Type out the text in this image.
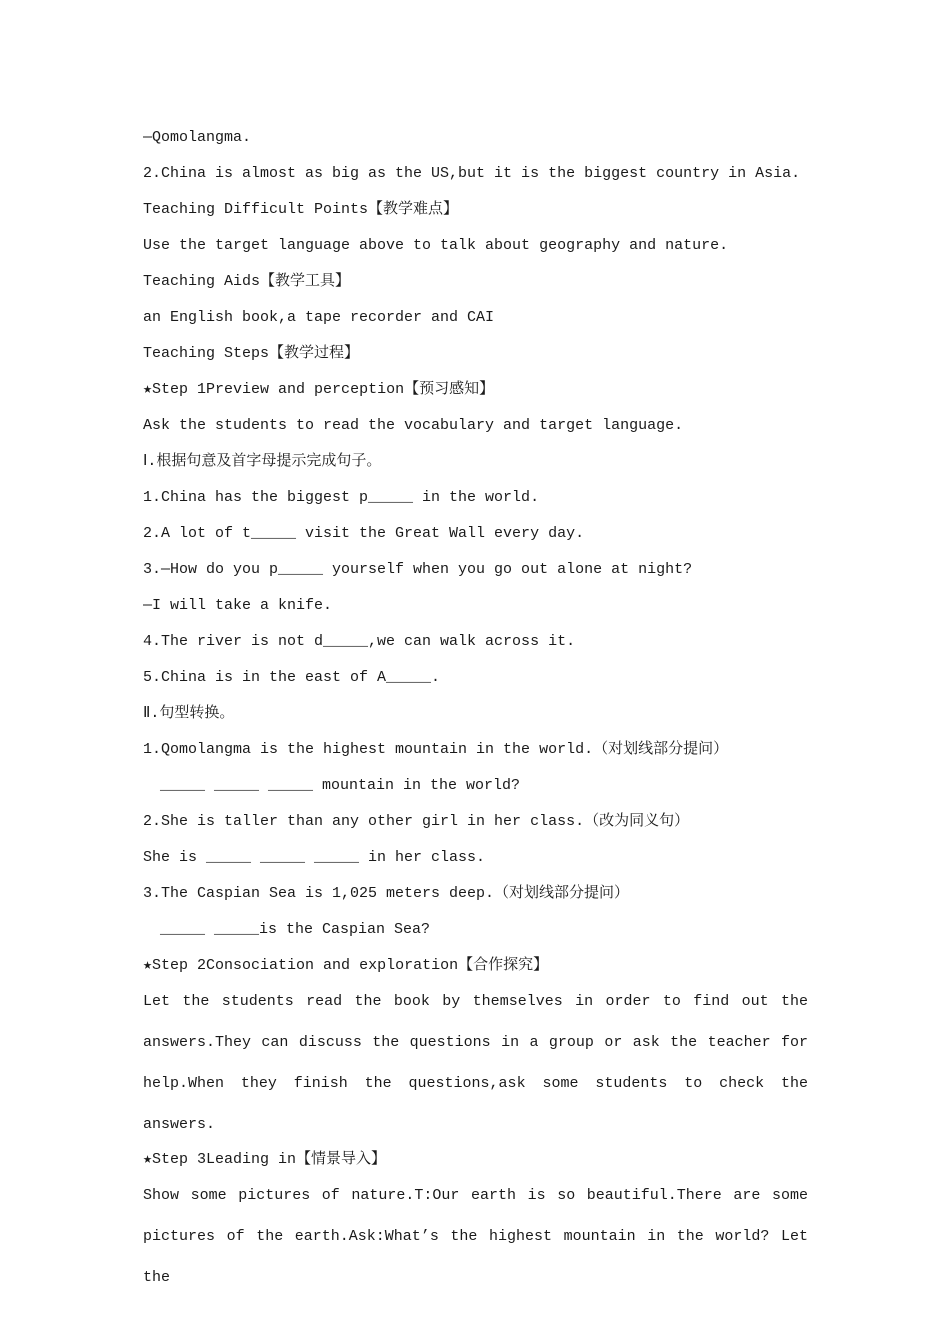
—Qomolangma.
2.China is almost as big as the US,but it is the biggest country in Asia.
Teaching Difficult Points【教学难点】
Use the target language above to talk about geography and nature.
Teaching Aids【教学工具】
an English book,a tape recorder and CAI
Teaching Steps【教学过程】
★Step 1Preview and perception【预习感知】
Ask the students to read the vocabulary and target language.
Ⅰ.根据句意及首字母提示完成句子。
1.China has the biggest p_____ in the world.
2.A lot of t_____ visit the Great Wall every day.
3.—How do you p_____ yourself when you go out alone at night?
—I will take a knife.
4.The river is not d_____,we can walk across it.
5.China is in the east of A_____.
Ⅱ.句型转换。
1.Qomolangma is the highest mountain in the world.（对划线部分提问）
_____ _____ _____ mountain in the world?
2.She is taller than any other girl in her class.（改为同义句）
She is _____ _____ _____ in her class.
3.The Caspian Sea is 1,025 meters deep.（对划线部分提问）
_____ _____is the Caspian Sea?
★Step 2Consociation and exploration【合作探究】
Let the students read the book by themselves in order to find out the answers.They can discuss the questions in a group or ask the teacher for help.When they finish the questions,ask some students to check the answers.
★Step 3Leading in【情景导入】
Show some pictures of nature.T:Our earth is so beautiful.There are some pictures of the earth.Ask:What’s the highest mountain in the world? Let the
